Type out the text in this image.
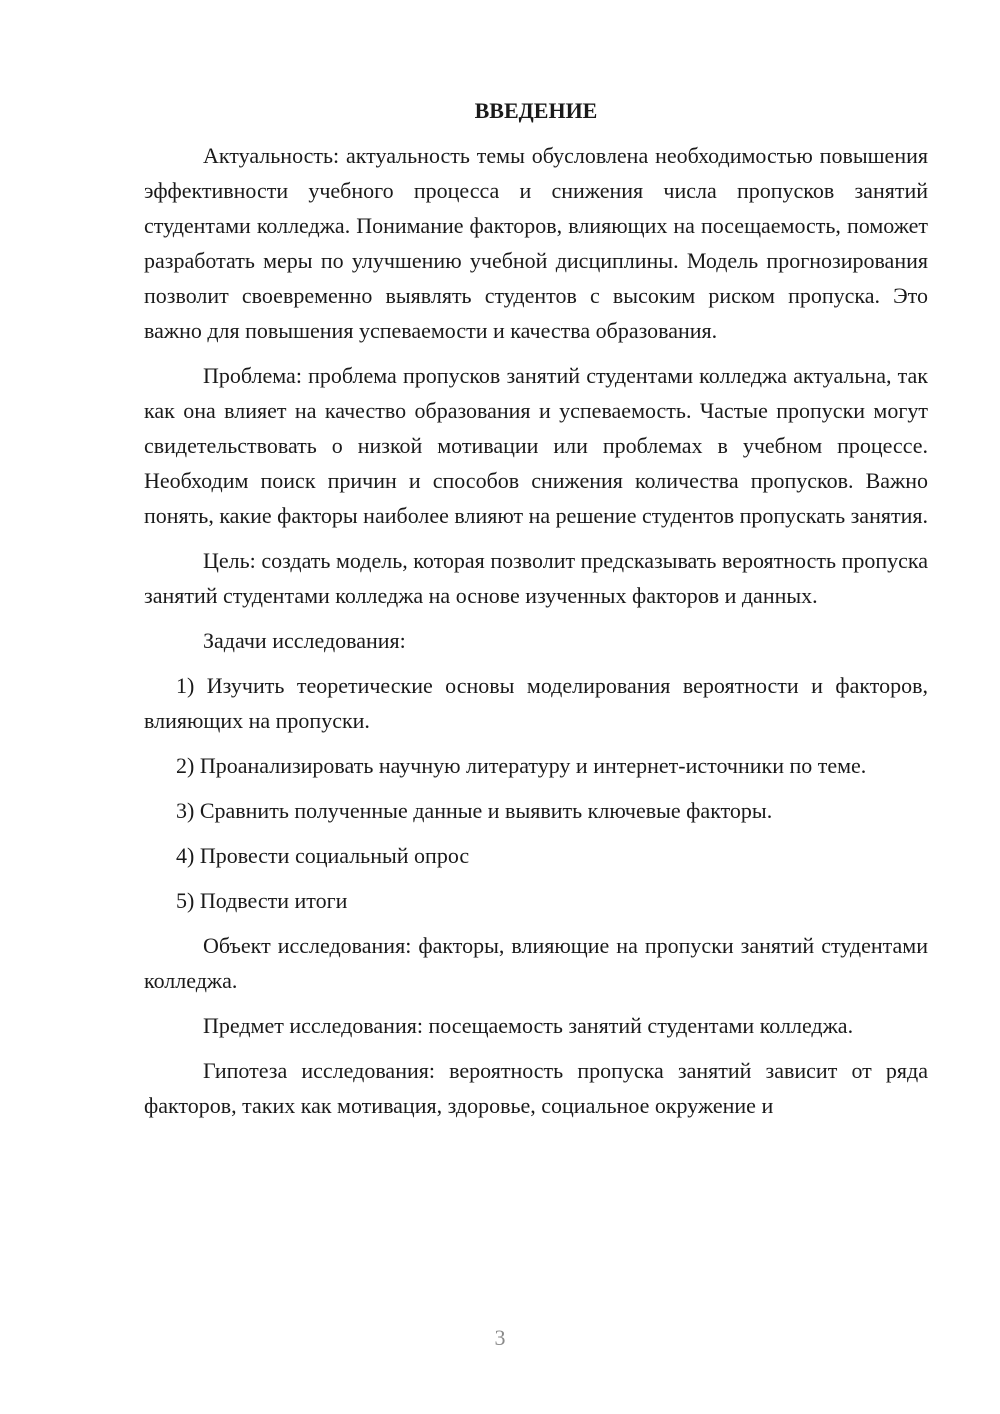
ВВЕДЕНИЕ

Актуальность: актуальность темы обусловлена необходимостью повышения эффективности учебного процесса и снижения числа пропусков занятий студентами колледжа. Понимание факторов, влияющих на посещаемость, поможет разработать меры по улучшению учебной дисциплины. Модель прогнозирования позволит своевременно выявлять студентов с высоким риском пропуска. Это важно для повышения успеваемости и качества образования.

Проблема: проблема пропусков занятий студентами колледжа актуальна, так как она влияет на качество образования и успеваемость. Частые пропуски могут свидетельствовать о низкой мотивации или проблемах в учебном процессе. Необходим поиск причин и способов снижения количества пропусков. Важно понять, какие факторы наиболее влияют на решение студентов пропускать занятия.

Цель: создать модель, которая позволит предсказывать вероятность пропуска занятий студентами колледжа на основе изученных факторов и данных.

Задачи исследования:

1) Изучить теоретические основы моделирования вероятности и факторов, влияющих на пропуски.

2) Проанализировать научную литературу и интернет-источники по теме.

3) Сравнить полученные данные и выявить ключевые факторы.

4) Провести социальный опрос

5) Подвести итоги

Объект исследования: факторы, влияющие на пропуски занятий студентами колледжа.

Предмет исследования: посещаемость занятий студентами колледжа.

Гипотеза исследования: вероятность пропуска занятий зависит от ряда факторов, таких как мотивация, здоровье, социальное окружение и

3
